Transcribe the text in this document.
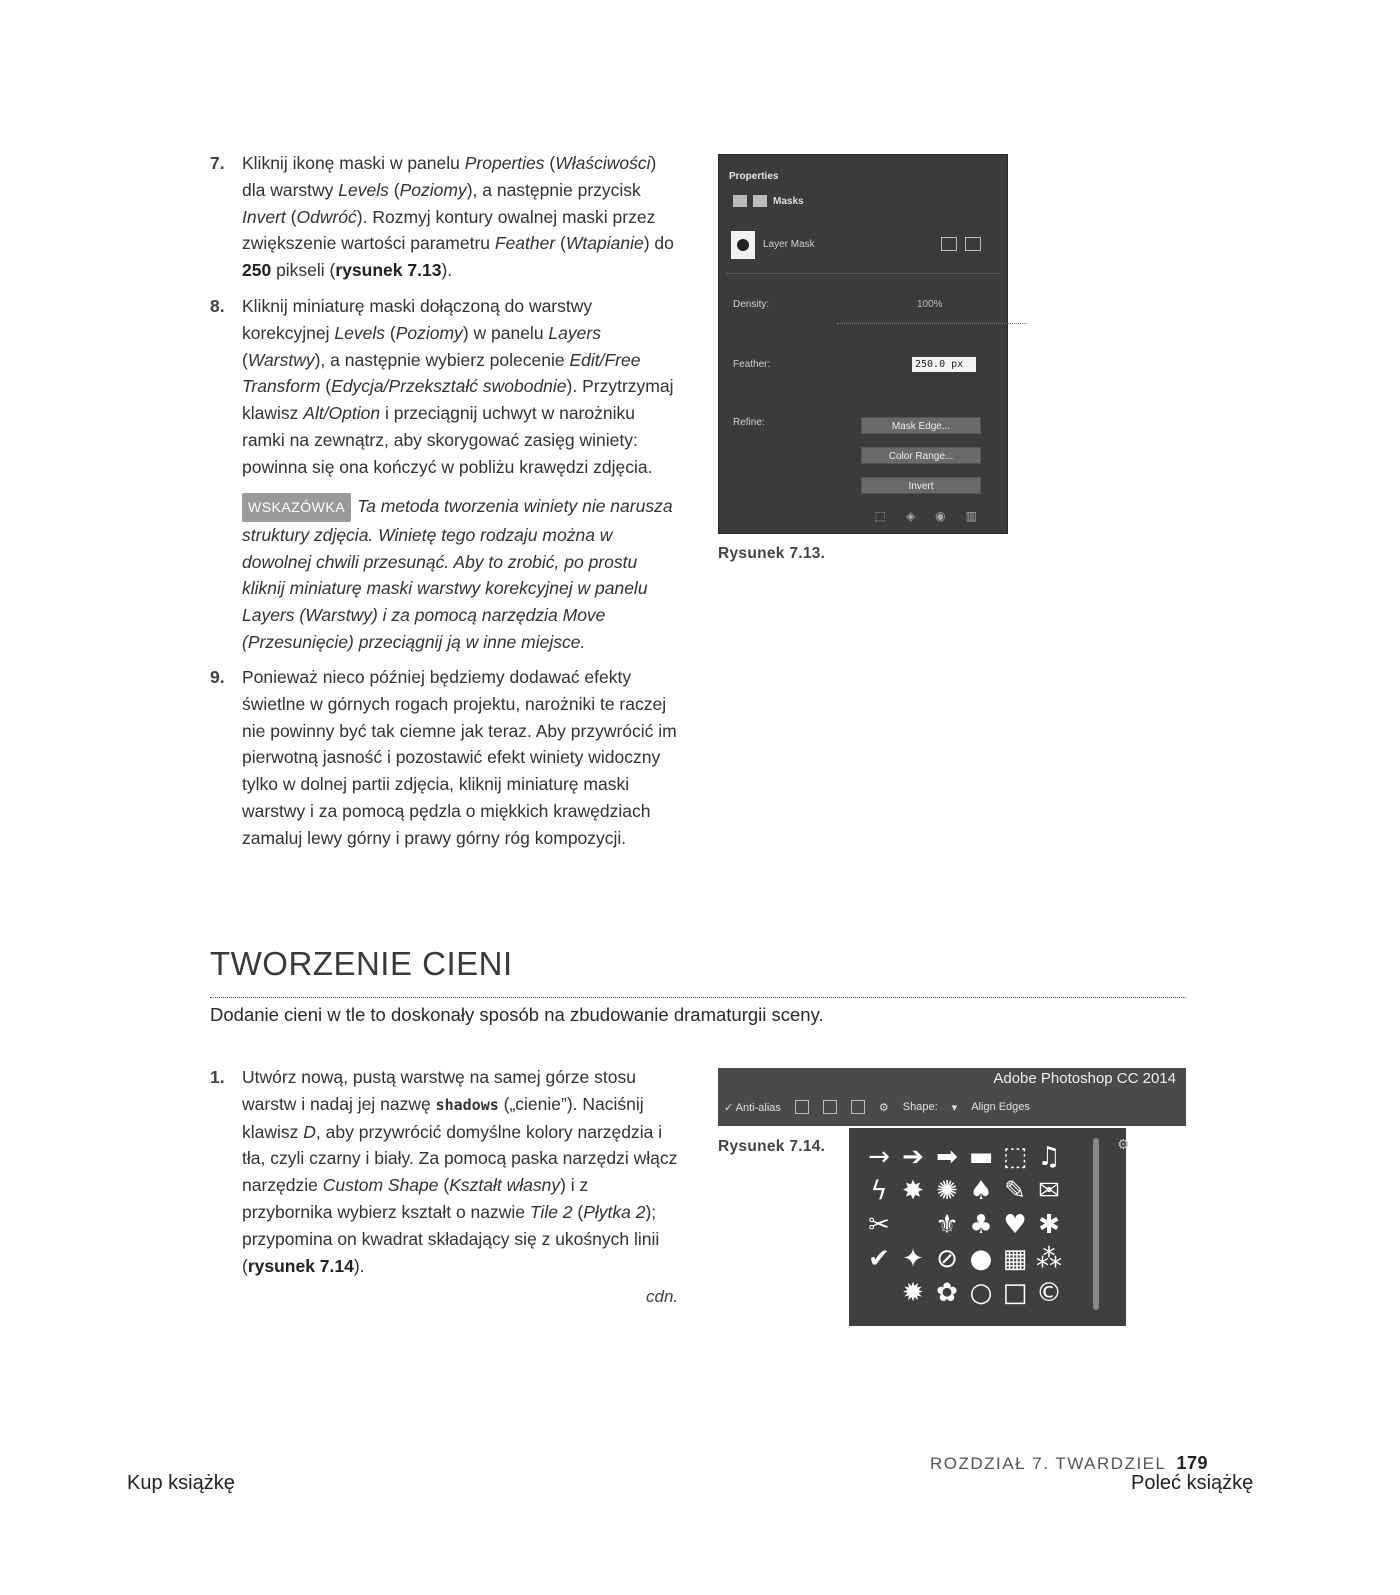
7. Kliknij ikonę maski w panelu Properties (Właściwości) dla warstwy Levels (Poziomy), a następnie przycisk Invert (Odwróć). Rozmyj kontury owalnej maski przez zwiększenie wartości parametru Feather (Wtapianie) do 250 pikseli (rysunek 7.13).
8. Kliknij miniaturę maski dołączoną do warstwy korekcyjnej Levels (Poziomy) w panelu Layers (Warstwy), a następnie wybierz polecenie Edit/Free Transform (Edycja/Przekształć swobodnie). Przytrzymaj klawisz Alt/Option i przeciągnij uchwyt w narożniku ramki na zewnątrz, aby skorygować zasięg winiety: powinna się ona kończyć w pobliżu krawędzi zdjęcia.
WSKAZÓWKA Ta metoda tworzenia winiety nie narusza struktury zdjęcia. Winietę tego rodzaju można w dowolnej chwili przesunąć. Aby to zrobić, po prostu kliknij miniaturę maski warstwy korekcyjnej w panelu Layers (Warstwy) i za pomocą narzędzia Move (Przesunięcie) przeciągnij ją w inne miejsce.
9. Ponieważ nieco później będziemy dodawać efekty świetlne w górnych rogach projektu, narożniki te raczej nie powinny być tak ciemne jak teraz. Aby przywrócić im pierwotną jasność i pozostawić efekt winiety widoczny tylko w dolnej partii zdjęcia, kliknij miniaturę maski warstwy i za pomocą pędzla o miękkich krawędziach zamaluj lewy górny i prawy górny róg kompozycji.
Properties
Masks
Layer Mask
Density:	100%
Feather:	250.0 px
Refine:	Mask Edge...
Color Range...
Invert
⬚ ◈ ◉ ▥
Rysunek 7.13.
TWORZENIE CIENI

Dodanie cieni w tle to doskonały sposób na zbudowanie dramaturgii sceny.

1. Utwórz nową, pustą warstwę na samej górze stosu warstw i nadaj jej nazwę shadows („cienie”). Naciśnij klawisz D, aby przywrócić domyślne kolory narzędzia i tła, czyli czarny i biały. Za pomocą paska narzędzi włącz narzędzie Custom Shape (Kształt własny) i z przybornika wybierz kształt o nazwie Tile 2 (Płytka 2); przypomina on kwadrat składający się z ukośnych linii (rysunek 7.14).
cdn.
Adobe Photoshop CC 2014
✓ Anti-alias	⚙ Shape: ▾ Align Edges
Rysunek 7.14. → ➔ ➡ ▬ ⬚ ♫
ϟ ✸ ✺ ♠ ✎ ✉
✂ ⚜ ♣ ♥ ✱
✔ ✦ ⊘ ● ▦ ⁂
✹ ✿ ○ □ ©
⚙
ROZDZIAŁ 7. TWARDZIEL 179
Kup książkę	Poleć książkę
